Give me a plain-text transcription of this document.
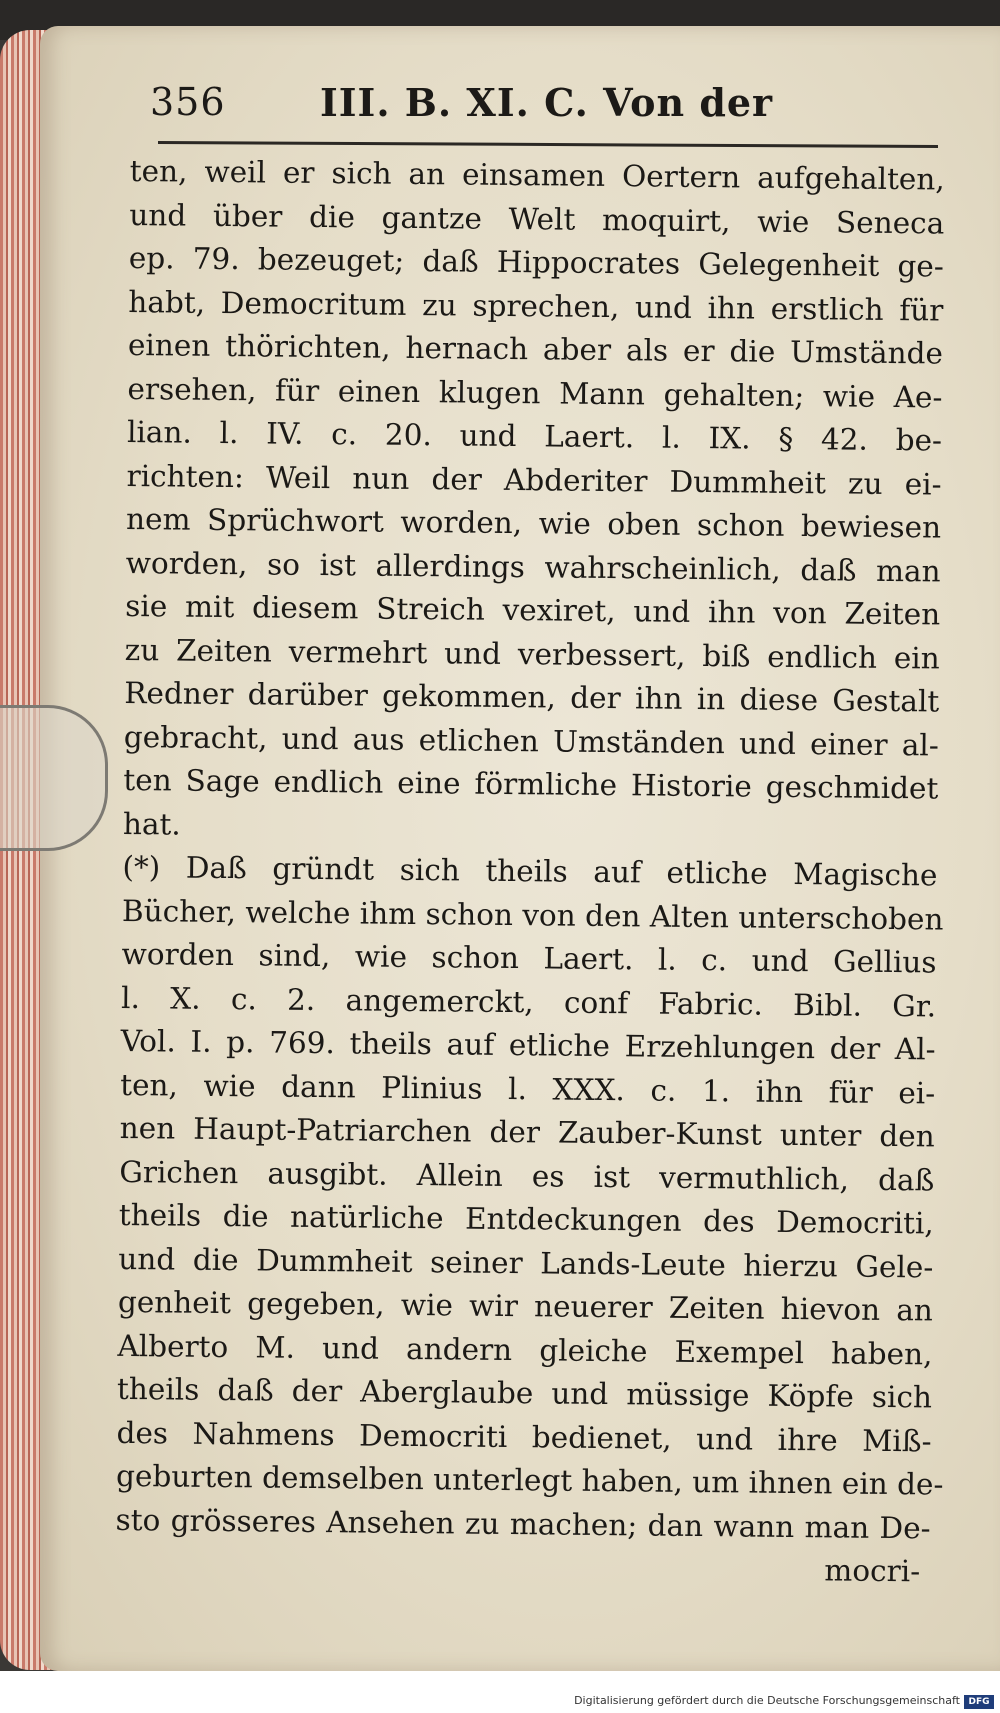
356 III. B. XI. C. Von der
ten, weil er sich an einsamen Oertern aufgehalten,
und über die gantze Welt moquirt, wie Seneca
ep. 79. bezeuget; daß Hippocrates Gelegenheit ge-
habt, Democritum zu sprechen, und ihn erstlich für
einen thörichten, hernach aber als er die Umstände
ersehen, für einen klugen Mann gehalten; wie Ae-
lian. l. IV. c. 20. und Laert. l. IX. § 42. be-
richten: Weil nun der Abderiter Dummheit zu ei-
nem Sprüchwort worden, wie oben schon bewiesen
worden, so ist allerdings wahrscheinlich, daß man
sie mit diesem Streich vexiret, und ihn von Zeiten
zu Zeiten vermehrt und verbessert, biß endlich ein
Redner darüber gekommen, der ihn in diese Gestalt
gebracht, und aus etlichen Umständen und einer al-
ten Sage endlich eine förmliche Historie geschmidet
hat.
(*) Daß gründt sich theils auf etliche Magische
Bücher, welche ihm schon von den Alten unterschoben
worden sind, wie schon Laert. l. c. und Gellius
l. X. c. 2. angemerckt, conf Fabric. Bibl. Gr.
Vol. I. p. 769. theils auf etliche Erzehlungen der Al-
ten, wie dann Plinius l. XXX. c. 1. ihn für ei-
nen Haupt-Patriarchen der Zauber-Kunst unter den
Grichen ausgibt. Allein es ist vermuthlich, daß
theils die natürliche Entdeckungen des Democriti,
und die Dummheit seiner Lands-Leute hierzu Gele-
genheit gegeben, wie wir neuerer Zeiten hievon an
Alberto M. und andern gleiche Exempel haben,
theils daß der Aberglaube und müssige Köpfe sich
des Nahmens Democriti bedienet, und ihre Miß-
geburten demselben unterlegt haben, um ihnen ein de-
sto grösseres Ansehen zu machen; dan wann man De-
mocri-
Digitalisierung gefördert durch die Deutsche Forschungsgemeinschaft DFG
